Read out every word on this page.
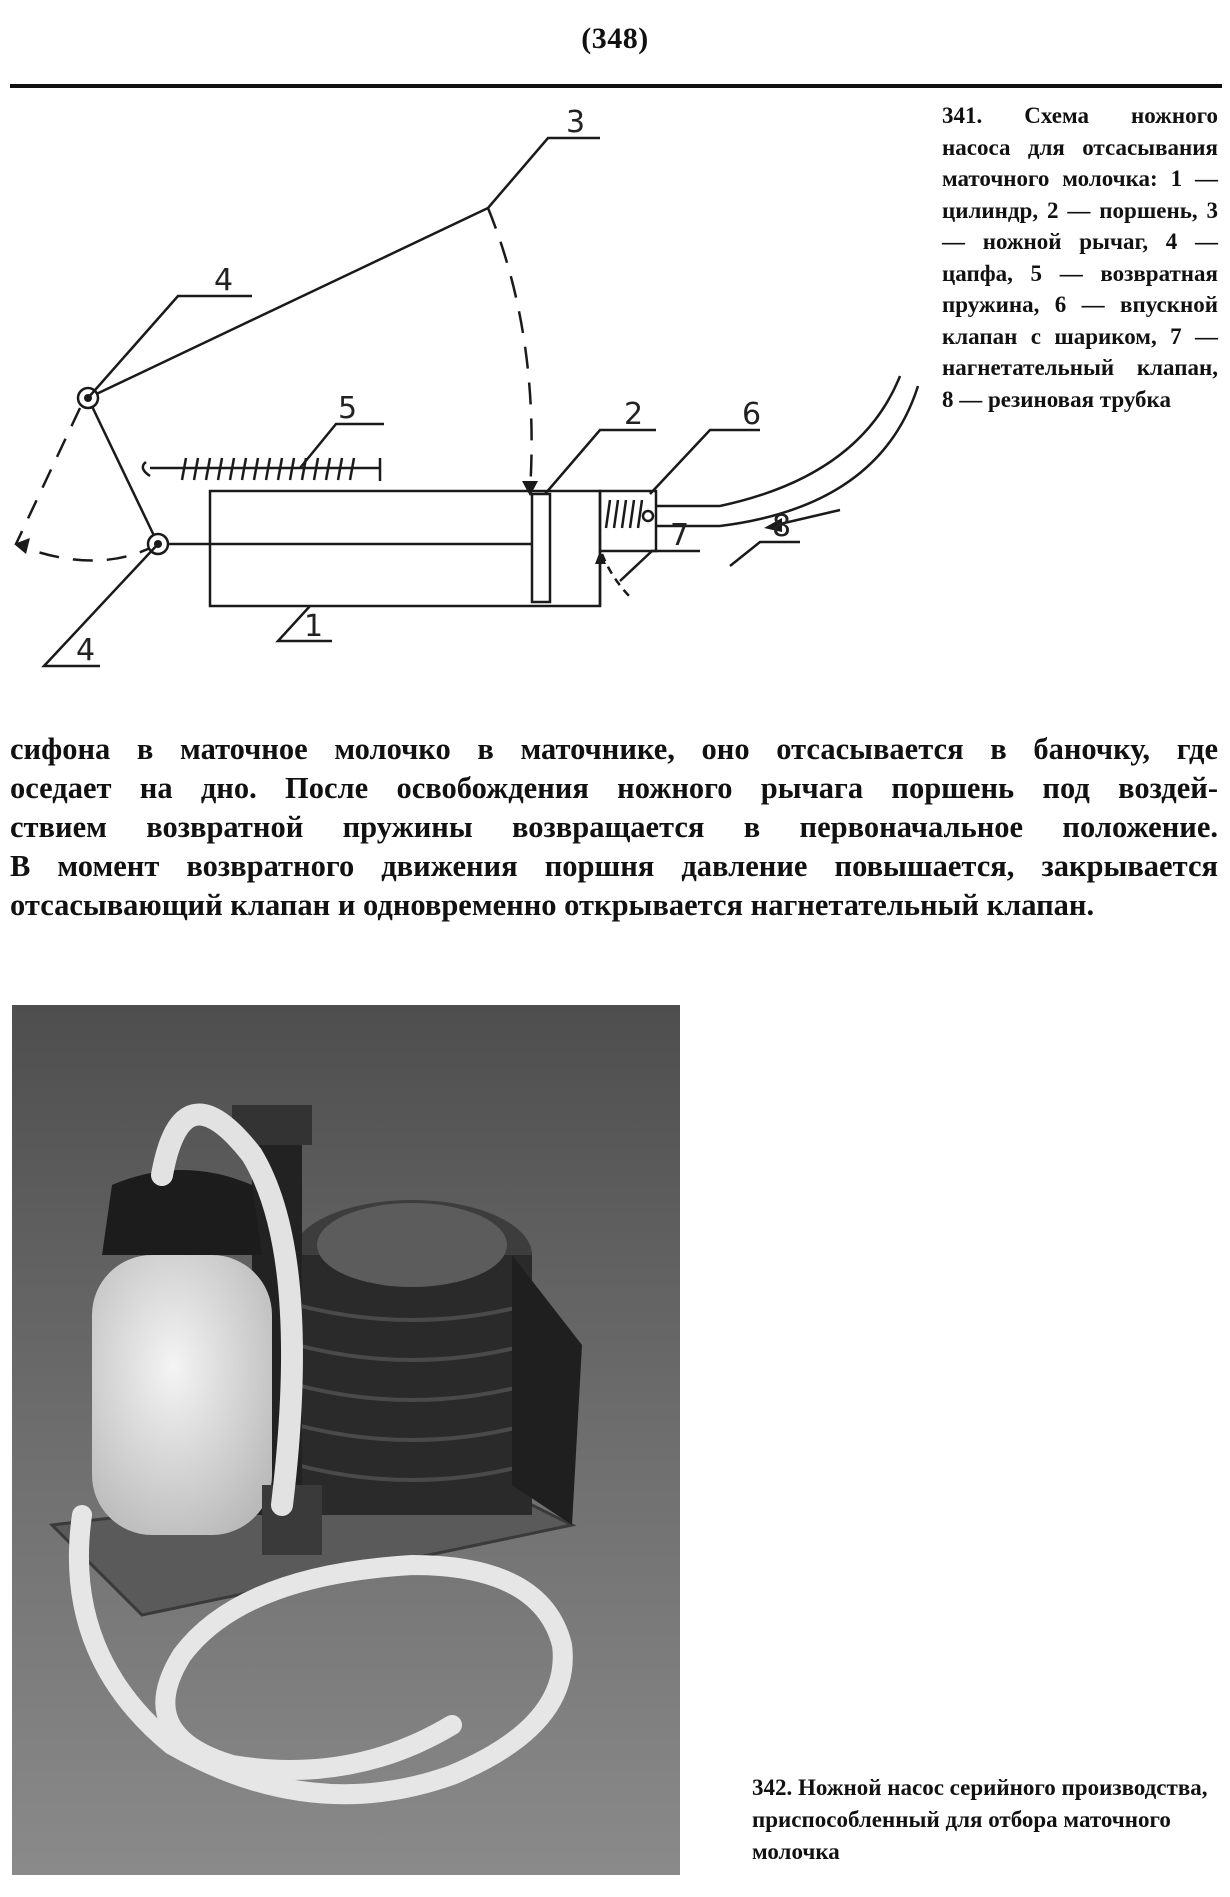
(348)
3
4
4
5	2	6
7	8
1
341. Схема ножного насоса для отсасывания маточного молочка: 1 — цилиндр, 2 — поршень, 3 — ножной рычаг, 4 — цапфа, 5 — возвратная пружина, 6 — впускной клапан с шариком, 7 — нагнетательный клапан, 8 — резиновая трубка
сифона в маточное молочко в маточнике, оно отсасывается в баночку, где
оседает на дно. После освобождения ножного рычага поршень под воздей-
ствием возвратной пружины возвращается в первоначальное положение.
В момент возвратного движения поршня давление повышается, закрывается
отсасывающий клапан и одновременно открывается нагнетательный клапан.
342. Ножной насос серийного производства, приспособленный для отбора маточного молочка
